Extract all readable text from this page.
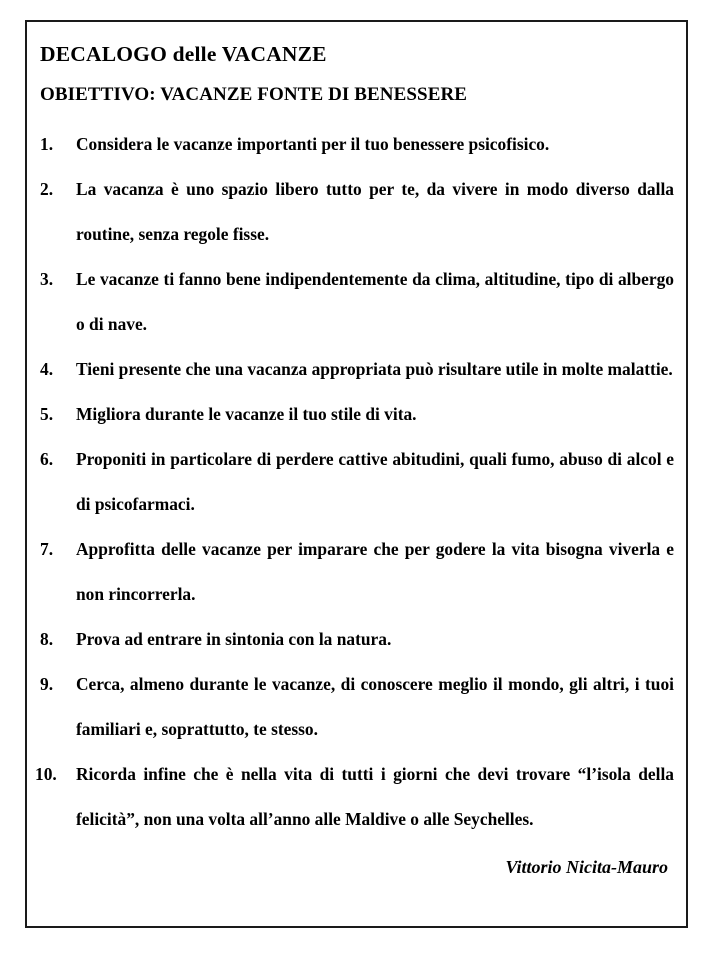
DECALOGO delle VACANZE
OBIETTIVO: VACANZE FONTE DI BENESSERE
1.	Considera le vacanze importanti per il tuo benessere psicofisico.
2.	La vacanza è uno spazio libero tutto per te, da vivere in modo diverso dalla routine, senza regole fisse.
3.	Le vacanze ti fanno bene indipendentemente da clima, altitudine, tipo di albergo o di nave.
4.	Tieni presente che una vacanza appropriata può risultare utile in molte malattie.
5.	Migliora durante le vacanze il tuo stile di vita.
6.	Proponiti in particolare di perdere cattive abitudini, quali fumo, abuso di alcol e di psicofarmaci.
7.	Approfitta delle vacanze per imparare che per godere la vita bisogna viverla e non rincorrerla.
8.	Prova ad entrare in sintonia con la natura.
9.	Cerca, almeno durante le vacanze, di conoscere meglio il mondo, gli altri, i tuoi familiari e, soprattutto, te stesso.
10.	Ricorda infine che è nella vita di tutti i giorni che devi trovare “l’isola della felicità”, non una volta all’anno alle Maldive o alle Seychelles.
Vittorio Nicita-Mauro
